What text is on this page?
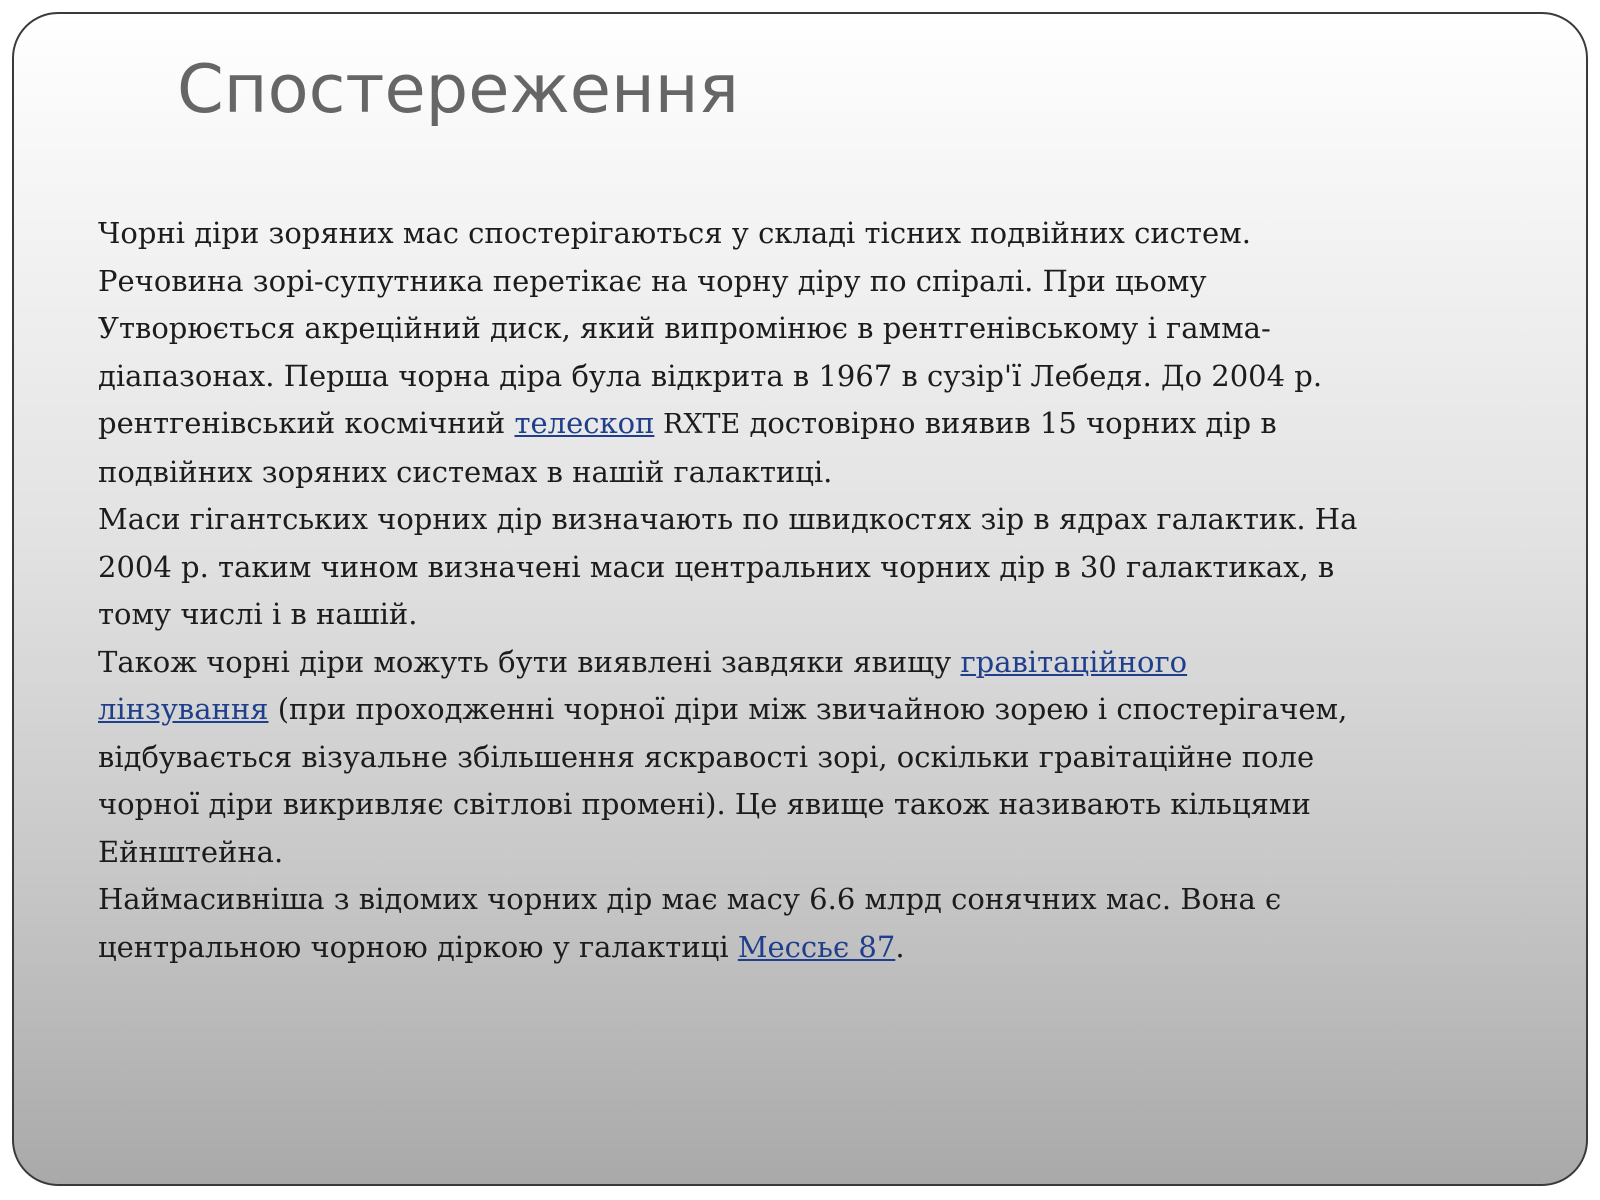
Спостереження
Чорні діри зоряних мас спостерігаються у складі тісних подвійних систем.
Речовина зорі-супутника перетікає на чорну діру по спіралі. При цьому
Утворюється акреційний диск, який випромінює в рентгенівському і гамма-
діапазонах. Перша чорна діра була відкрита в 1967 в сузір'ї Лебедя. До 2004 р.
рентгенівський космічний телескоп RXTE достовірно виявив 15 чорних дір в
подвійних зоряних системах в нашій галактиці.
Маси гігантських чорних дір визначають по швидкостях зір в ядрах галактик. На
2004 р. таким чином визначені маси центральних чорних дір в 30 галактиках, в
тому числі і в нашій.
Також чорні діри можуть бути виявлені завдяки явищу гравітаційного
лінзування (при проходженні чорної діри між звичайною зорею і спостерігачем,
відбувається візуальне збільшення яскравості зорі, оскільки гравітаційне поле
чорної діри викривляє світлові промені). Це явище також називають кільцями
Ейнштейна.
Наймасивніша з відомих чорних дір має масу 6.6 млрд сонячних мас. Вона є
центральною чорною діркою у галактиці Мессьє 87.
